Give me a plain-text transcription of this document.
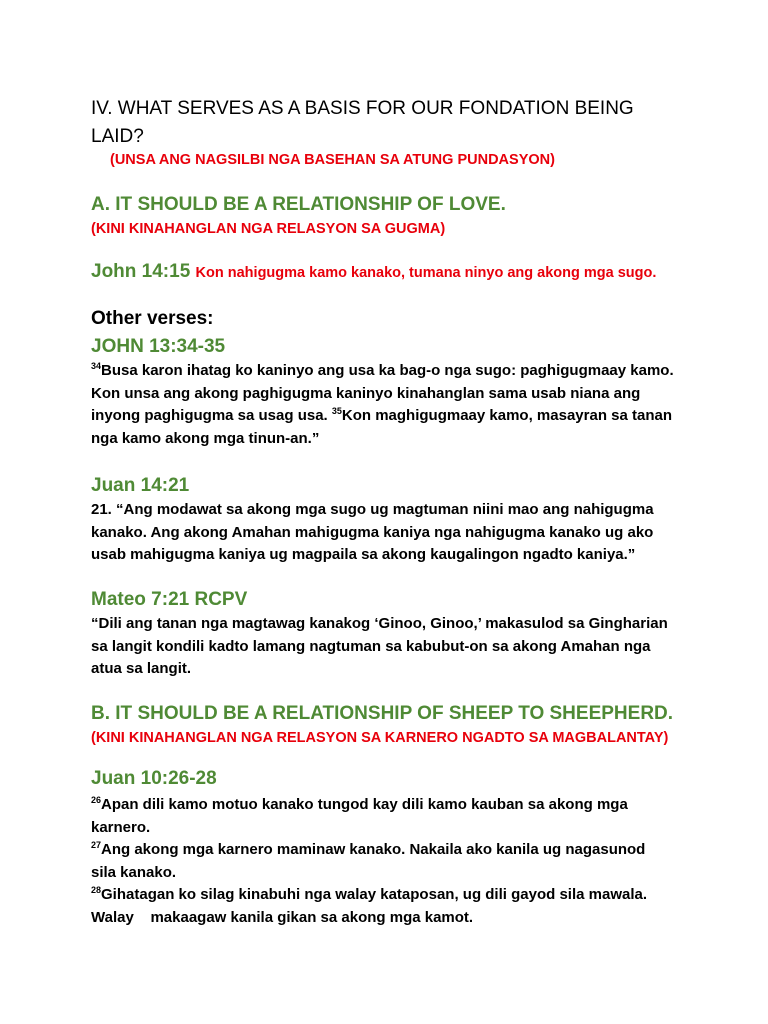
IV. WHAT SERVES AS A BASIS FOR OUR FONDATION BEING
LAID?
(UNSA ANG NAGSILBI NGA BASEHAN SA ATUNG PUNDASYON)
A. IT SHOULD BE A RELATIONSHIP OF LOVE.
(KINI KINAHANGLAN NGA RELASYON SA GUGMA)
John 14:15 Kon nahigugma kamo kanako, tumana ninyo ang akong mga sugo.
Other verses:
JOHN 13:34-35
$^{34}$Busa karon ihatag ko kaninyo ang usa ka bag-o nga sugo: paghigugmaay kamo.
Kon unsa ang akong paghigugma kaninyo kinahanglan sama usab niana ang
inyong paghigugma sa usag usa. $^{35}$Kon maghigugmaay kamo, masayran sa tanan
nga kamo akong mga tinun-an.”
Juan 14:21
21. “Ang modawat sa akong mga sugo ug magtuman niini mao ang nahigugma
kanako. Ang akong Amahan mahigugma kaniya nga nahigugma kanako ug ako
usab mahigugma kaniya ug magpaila sa akong kaugalingon ngadto kaniya.”
Mateo 7:21 RCPV
“Dili ang tanan nga magtawag kanakog ‘Ginoo, Ginoo,’ makasulod sa Gingharian
sa langit kondili kadto lamang nagtuman sa kabubut-on sa akong Amahan nga
atua sa langit.
B. IT SHOULD BE A RELATIONSHIP OF SHEEP TO SHEEPHERD.
(KINI KINAHANGLAN NGA RELASYON SA KARNERO NGADTO SA MAGBALANTAY)
Juan 10:26-28
$^{26}$Apan dili kamo motuo kanako tungod kay dili kamo kauban sa akong mga
karnero.
$^{27}$Ang akong mga karnero maminaw kanako. Nakaila ako kanila ug nagasunod
sila kanako.
$^{28}$Gihatagan ko silag kinabuhi nga walay kataposan, ug dili gayod sila mawala.
Walay    makaagaw kanila gikan sa akong mga kamot.
